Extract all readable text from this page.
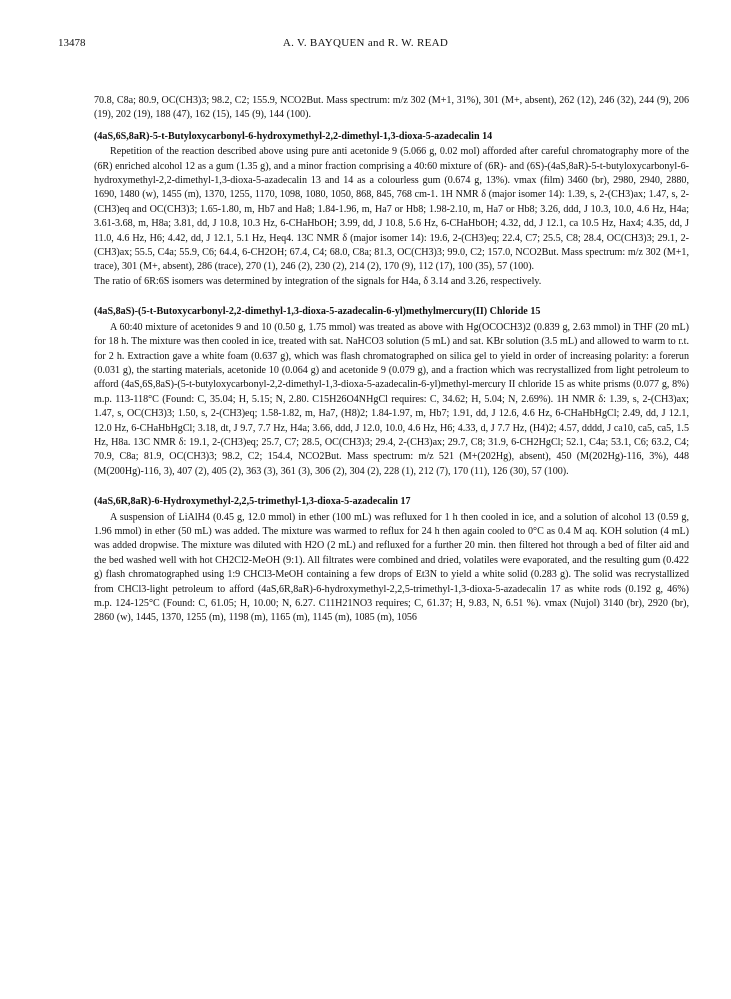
13478	A. V. BAYQUEN and R. W. READ

70.8, C8a; 80.9, OC(CH3)3; 98.2, C2; 155.9, NCO2But. Mass spectrum: m/z 302 (M+1, 31%), 301 (M+, absent), 262 (12), 246 (32), 244 (9), 206 (19), 202 (19), 188 (47), 162 (15), 145 (9), 144 (100).

(4aS,6S,8aR)-5-t-Butyloxycarbonyl-6-hydroxymethyl-2,2-dimethyl-1,3-dioxa-5-azadecalin 14

Repetition of the reaction described above using pure anti acetonide 9 (5.066 g, 0.02 mol) afforded after careful chromatography more of the (6R) enriched alcohol 12 as a gum (1.35 g), and a minor fraction comprising a 40:60 mixture of (6R)- and (6S)-(4aS,8aR)-5-t-butyloxycarbonyl-6-hydroxymethyl-2,2-dimethyl-1,3-dioxa-5-azadecalin 13 and 14 as a colourless gum (0.674 g, 13%). vmax (film) 3460 (br), 2980, 2940, 2880, 1690, 1480 (w), 1455 (m), 1370, 1255, 1170, 1098, 1080, 1050, 868, 845, 768 cm-1. 1H NMR δ (major isomer 14): 1.39, s, 2-(CH3)ax; 1.47, s, 2-(CH3)eq and OC(CH3)3; 1.65-1.80, m, Hb7 and Ha8; 1.84-1.96, m, Ha7 or Hb8; 1.98-2.10, m, Ha7 or Hb8; 3.26, ddd, J 10.3, 10.0, 4.6 Hz, H4a; 3.61-3.68, m, H8a; 3.81, dd, J 10.8, 10.3 Hz, 6-CHaHbOH; 3.99, dd, J 10.8, 5.6 Hz, 6-CHaHbOH; 4.32, dd, J 12.1, ca 10.5 Hz, Hax4; 4.35, dd, J 11.0, 4.6 Hz, H6; 4.42, dd, J 12.1, 5.1 Hz, Heq4. 13C NMR δ (major isomer 14): 19.6, 2-(CH3)eq; 22.4, C7; 25.5, C8; 28.4, OC(CH3)3; 29.1, 2-(CH3)ax; 55.5, C4a; 55.9, C6; 64.4, 6-CH2OH; 67.4, C4; 68.0, C8a; 81.3, OC(CH3)3; 99.0, C2; 157.0, NCO2But. Mass spectrum: m/z 302 (M+1, trace), 301 (M+, absent), 286 (trace), 270 (1), 246 (2), 230 (2), 214 (2), 170 (9), 112 (17), 100 (35), 57 (100).

The ratio of 6R:6S isomers was determined by integration of the signals for H4a, δ 3.14 and 3.26, respectively.

(4aS,8aS)-(5-t-Butoxycarbonyl-2,2-dimethyl-1,3-dioxa-5-azadecalin-6-yl)methylmercury(II) Chloride 15

A 60:40 mixture of acetonides 9 and 10 (0.50 g, 1.75 mmol) was treated as above with Hg(OCOCH3)2 (0.839 g, 2.63 mmol) in THF (20 mL) for 18 h. The mixture was then cooled in ice, treated with sat. NaHCO3 solution (5 mL) and sat. KBr solution (3.5 mL) and allowed to warm to r.t. for 2 h. Extraction gave a white foam (0.637 g), which was flash chromatographed on silica gel to yield in order of increasing polarity: a forerun (0.031 g), the starting materials, acetonide 10 (0.064 g) and acetonide 9 (0.079 g), and a fraction which was recrystallized from light petroleum to afford (4aS,6S,8aS)-(5-t-butyloxycarbonyl-2,2-dimethyl-1,3-dioxa-5-azadecalin-6-yl)methyl-mercury II chloride 15 as white prisms (0.077 g, 8%) m.p. 113-118°C (Found: C, 35.04; H, 5.15; N, 2.80. C15H26O4NHgCl requires: C, 34.62; H, 5.04; N, 2.69%). 1H NMR δ: 1.39, s, 2-(CH3)ax; 1.47, s, OC(CH3)3; 1.50, s, 2-(CH3)eq; 1.58-1.82, m, Ha7, (H8)2; 1.84-1.97, m, Hb7; 1.91, dd, J 12.6, 4.6 Hz, 6-CHaHbHgCl; 2.49, dd, J 12.1, 12.0 Hz, 6-CHaHbHgCl; 3.18, dt, J 9.7, 7.7 Hz, H4a; 3.66, ddd, J 12.0, 10.0, 4.6 Hz, H6; 4.33, d, J 7.7 Hz, (H4)2; 4.57, dddd, J ca10, ca5, ca5, 1.5 Hz, H8a. 13C NMR δ: 19.1, 2-(CH3)eq; 25.7, C7; 28.5, OC(CH3)3; 29.4, 2-(CH3)ax; 29.7, C8; 31.9, 6-CH2HgCl; 52.1, C4a; 53.1, C6; 63.2, C4; 70.9, C8a; 81.9, OC(CH3)3; 98.2, C2; 154.4, NCO2But. Mass spectrum: m/z 521 (M+(202Hg), absent), 450 (M(202Hg)-116, 3%), 448 (M(200Hg)-116, 3), 407 (2), 405 (2), 363 (3), 361 (3), 306 (2), 304 (2), 228 (1), 212 (7), 170 (11), 126 (30), 57 (100).

(4aS,6R,8aR)-6-Hydroxymethyl-2,2,5-trimethyl-1,3-dioxa-5-azadecalin 17

A suspension of LiAlH4 (0.45 g, 12.0 mmol) in ether (100 mL) was refluxed for 1 h then cooled in ice, and a solution of alcohol 13 (0.59 g, 1.96 mmol) in ether (50 mL) was added. The mixture was warmed to reflux for 24 h then again cooled to 0°C as 0.4 M aq. KOH solution (4 mL) was added dropwise. The mixture was diluted with H2O (2 mL) and refluxed for a further 20 min. then filtered hot through a bed of filter aid and the bed washed well with hot CH2Cl2-MeOH (9:1). All filtrates were combined and dried, volatiles were evaporated, and the resulting gum (0.422 g) flash chromatographed using 1:9 CHCl3-MeOH containing a few drops of Et3N to yield a white solid (0.283 g). The solid was recrystallized from CHCl3-light petroleum to afford (4aS,6R,8aR)-6-hydroxymethyl-2,2,5-trimethyl-1,3-dioxa-5-azadecalin 17 as white rods (0.192 g, 46%) m.p. 124-125°C (Found: C, 61.05; H, 10.00; N, 6.27. C11H21NO3 requires; C, 61.37; H, 9.83, N, 6.51 %). vmax (Nujol) 3140 (br), 2920 (br), 2860 (w), 1445, 1370, 1255 (m), 1198 (m), 1165 (m), 1145 (m), 1085 (m), 1056
